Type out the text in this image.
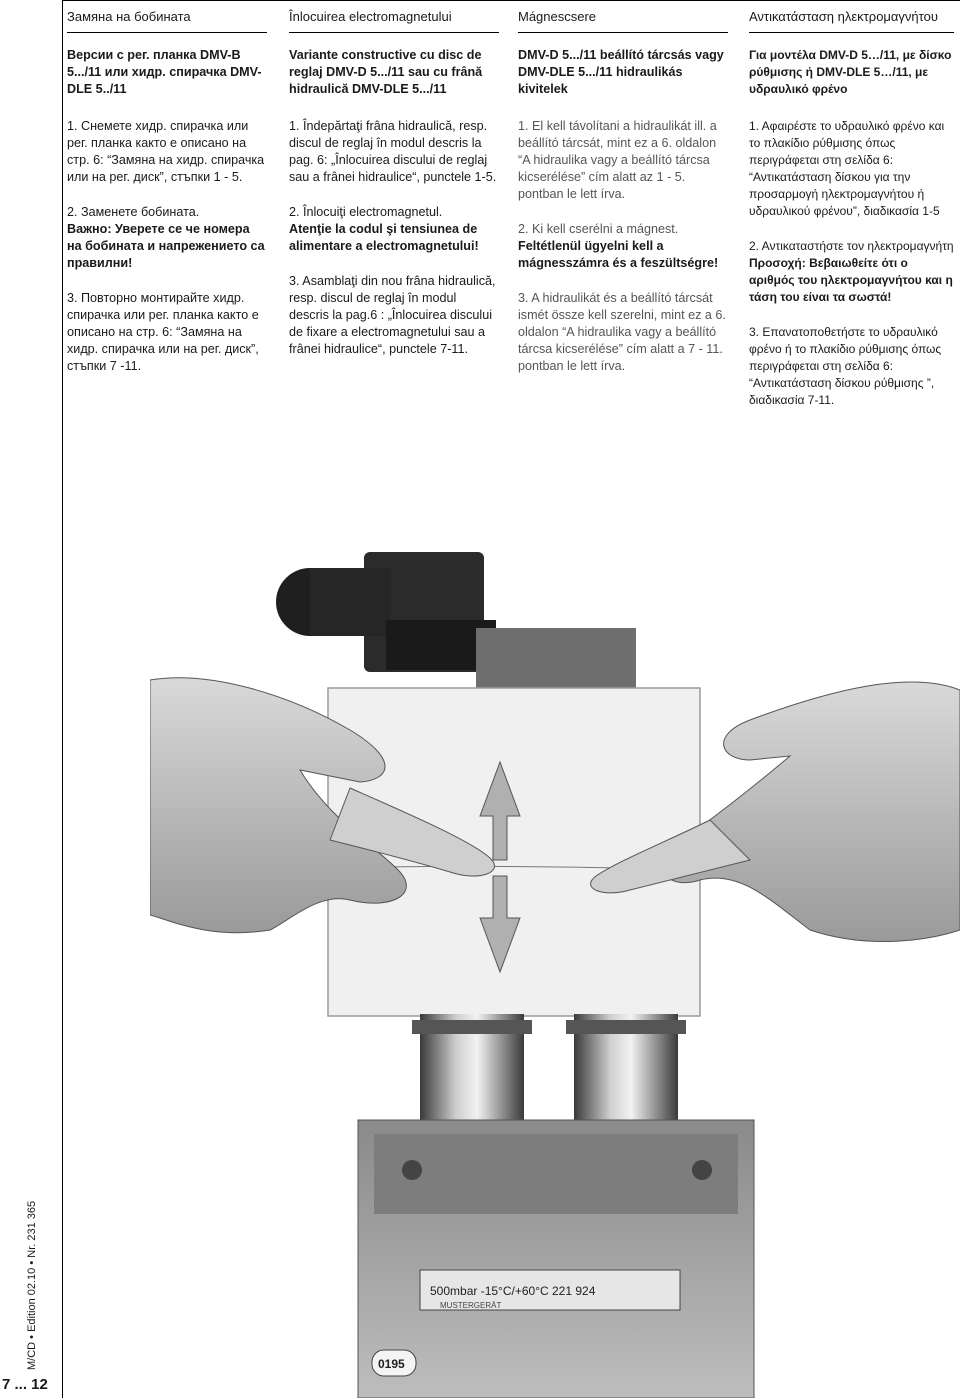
Замяна на бобината
Версии с рег. планка DMV-B 5.../11 или хидр. спирачка DMV-DLE 5../11
1. Снемете хидр. спирачка или рег. планка както е описано на стр. 6: “Замяна на хидр. спирачка или на рег. диск”, стъпки 1 - 5.
2. Заменете бобината.
Важно: Уверете се че номера на бобината и напрежението са правилни!
3. Повторно монтирайте хидр. спирачка или рег. планка както е описано на стр. 6: “Замяна на хидр. спирачка или на рег. диск”, стъпки 7 -11.
Înlocuirea electromagnetului
Variante constructive cu disc de reglaj DMV-D 5.../11 sau cu frână hidraulică DMV-DLE 5.../11
1. Îndepărtaţi frâna hidraulică, resp. discul de reglaj în modul descris la pag. 6: „Înlocuirea discului de reglaj sau a frânei hidraulice“, punctele 1-5.
2. Înlocuiţi electromagnetul.
Atenţie la codul şi tensiunea de alimentare a electromagnetului!
3. Asamblaţi din nou frâna hidraulică, resp. discul de reglaj în modul descris la pag.6 : „Înlocuirea discului de fixare a electromagnetului sau a frânei hidraulice“, punctele 7-11.
Mágnescsere
DMV-D 5.../11 beállító tárcsás vagy DMV-DLE 5.../11 hidraulikás kivitelek
1. El kell távolítani a hidraulikát ill. a beállító tárcsát, mint ez a 6. oldalon “A hidraulika vagy a beállító tárcsa kicserélése” cím alatt az 1 - 5. pontban le lett írva.
2. Ki kell cserélni a mágnest.
Feltétlenül ügyelni kell a mágnesszámra és a feszültségre!
3. A hidraulikát és a beállító tárcsát ismét össze kell szerelni, mint ez a 6. oldalon “A hidraulika vagy a beállító tárcsa kicserélése” cím alatt a 7 - 11. pontban le lett írva.
Αντικατάσταση ηλεκτρομαγνήτου
Για μοντέλα DMV-D 5…/11, με δίσκο ρύθμισης ή DMV-DLE 5…/11, με υδραυλικό φρένο
1. Αφαιρέστε το υδραυλικό φρένο και το πλακίδιο ρύθμισης όπως περιγράφεται στη σελίδα 6: “Αντικατάσταση δίσκου για την προσαρμογή ηλεκτρομαγνήτου ή υδραυλικού φρένου”, διαδικασία 1-5
2. Αντικαταστήστε τον ηλεκτρομαγνήτη
Προσοχή: Βεβαιωθείτε ότι ο αριθμός του ηλεκτρομαγνήτου και η τάση του είναι τα σωστά!
3. Επανατοποθετήστε το υδραυλικό φρένο ή το πλακίδιο ρύθμισης όπως περιγράφεται στη σελίδα 6: “Αντικατάσταση δίσκου ρύθμισης ”, διαδικασία 7-11.
M/CD • Edition 02.10 • Nr. 231 365
7 ... 12
500mbar -15°C/+60°C 221 924
MUSTERGERÄT
0195
